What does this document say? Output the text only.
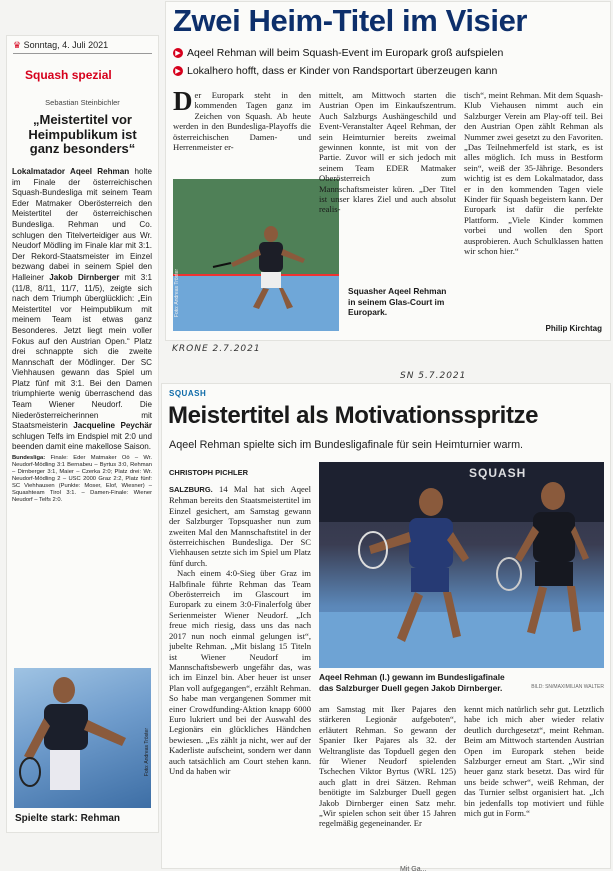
♛ Sonntag, 4. Juli 2021
Squash spezial
Sebastian Steinbichler
„Meistertitel vor Heimpublikum ist ganz besonders“
Lokalmatador Aqeel Rehman holte im Finale der österreichischen Squash-Bundesliga mit seinem Team Eder Matmaker Oberösterreich den Meistertitel der österreichischen Bundesliga. Rehman und Co. schlugen den Titelverteidiger aus Wr. Neudorf Mödling im Finale klar mit 3:1. Der Rekord-Staatsmeister im Einzel bezwang dabei in seinem Spiel den Halleiner Jakob Dirnberger mit 3:1 (11/8, 8/11, 11/7, 11/5), zeigte sich nach dem Triumph überglücklich: „Ein Meistertitel vor Heimpublikum mit meinem Team ist etwas ganz Besonderes. Jetzt liegt mein voller Fokus auf den Austrian Open.“ Platz drei schnappte sich die zweite Mannschaft der Mödlinger. Der SC Viehhausen gewann das Spiel um Platz fünf mit 3:1. Bei den Damen triumphierte wenig überraschend das Team Wiener Neudorf. Die Niederösterreicherinnen mit Staatsmeisterin Jacqueline Peychär schlugen Telfs im Endspiel mit 2:0 und beenden damit eine makellose Saison.
Bundesliga: Finale: Eder Matmaker Oö – Wr. Neudorf-Mödling 3:1 Bernabeu – Byrtus 3:0, Rehman – Dirnberger 3:1, Maier – Czerka 2:0; Platz drei: Wr. Neudorf-Mödling 2 – USC 2000 Graz 2:2, Platz fünf: SC Viehhausen (Punkte: Moser, Elof, Wiesner) – Squashteam Tirol 3:1. – Damen-Finale: Wiener Neudorf – Telfs 2:0.
Foto: Andreas Tröster
Spielte stark: Rehman
Zwei Heim-Titel im Visier
▶ Aqeel Rehman will beim Squash-Event im Europark groß aufspielen
▶ Lokalhero hofft, dass er Kinder von Randsportart überzeugen kann
D er Europark steht in den kommenden Tagen ganz im Zeichen von Squash. Ab heute werden in den Bundesliga-Playoffs die österreichischen Damen- und Herrenmeister er-
Foto: Andreas Tröster
mittelt, am Mittwoch starten die Austrian Open im Einkaufszentrum. Auch Salzburgs Aushängeschild und Event-Veranstalter Aqeel Rehman, der sein Heimturnier bereits zweimal gewinnen konnte, ist mit von der Partie. Zuvor will er sich jedoch mit seinem Team EDER Matmaker Oberösterreich zum Mannschaftsmeister küren. „Der Titel ist unser klares Ziel und auch absolut realis-
Squasher Aqeel Rehman in seinem Glas-Court im Europark.
tisch“, meint Rehman. Mit dem Squash-Klub Viehausen nimmt auch ein Salzburger Verein am Play-off teil. Bei den Austrian Open zählt Rehman als Nummer zwei gesetzt zu den Favoriten. „Das Teilnehmerfeld ist stark, es ist alles möglich. Ich muss in Bestform sein“, weiß der 35-Jährige. Besonders wichtig ist es dem Lokalmatador, dass er in den kommenden Tagen viele Kinder für Squash begeistern kann. Der Europark ist dafür die perfekte Plattform. „Viele Kinder kommen vorbei und wollen den Sport ausprobieren. Auch Schulklassen hatten wir schon hier.“
Philip Kirchtag
KRONE 2.7.2021
SN 5.7.2021
SQUASH
Meistertitel als Motivationsspritze
Aqeel Rehman spielte sich im Bundesligafinale für sein Heimturnier warm.
CHRISTOPH PICHLER
SALZBURG. 14 Mal hat sich Aqeel Rehman bereits den Staatsmeistertitel im Einzel gesichert, am Samstag gewann der Salzburger Topsquasher nun zum zweiten Mal den Mannschaftstitel in der österreichischen Bundesliga. Der SC Viehhausen setzte sich im Spiel um Platz fünf durch.
Nach einem 4:0-Sieg über Graz im Halbfinale führte Rehman das Team Oberösterreich im Glascourt im Europark zu einem 3:0-Finalerfolg über Serienmeister Wiener Neudorf. „Ich freue mich riesig, dass uns das nach 2017 nun noch einmal gelungen ist“, jubelte Rehman. „Mit bislang 15 Titeln ist Wiener Neudorf im Mannschaftsbewerb ungefähr das, was ich im Einzel bin. Aber heuer ist unser Plan voll aufgegangen“, erzählt Rehman. So habe man vergangenen Sommer mit einer Crowdfunding-Aktion knapp 6000 Euro lukriert und bei der Auswahl des Legionärs ein glückliches Händchen bewiesen. „Es zählt ja nicht, wer auf der Kaderliste aufscheint, sondern wer dann auch tatsächlich am Court stehen kann. Und da haben wir
SQUASH
Aqeel Rehman (l.) gewann im Bundesligafinale das Salzburger Duell gegen Jakob Dirnberger.	BILD: SN/MAXIMILIAN WALTER
am Samstag mit Iker Pajares den stärkeren Legionär aufgeboten“, erläutert Rehman. So gewann der Spanier Iker Pajares als 32. der Weltrangliste das Topduell gegen den für Wiener Neudorf spielenden Tschechen Viktor Byrtus (WRL 125) auch glatt in drei Sätzen. Rehman benötigte im Salzburger Duell gegen Jakob Dirnberger einen Satz mehr. „Wir spielen schon seit über 15 Jahren regelmäßig gegeneinander. Er
kennt mich natürlich sehr gut. Letztlich habe ich mich aber wieder relativ deutlich durchgesetzt“, meint Rehman. Beim am Mittwoch startenden Austrian Open im Europark stehen beide Salzburger erneut am Start. „Wir sind heuer ganz stark besetzt. Das wird für uns beide schwer“, weiß Rehman, der das Turnier selbst organisiert hat. „Ich bin jedenfalls top motiviert und fühle mich gut in Form.“
Mit Ga...
